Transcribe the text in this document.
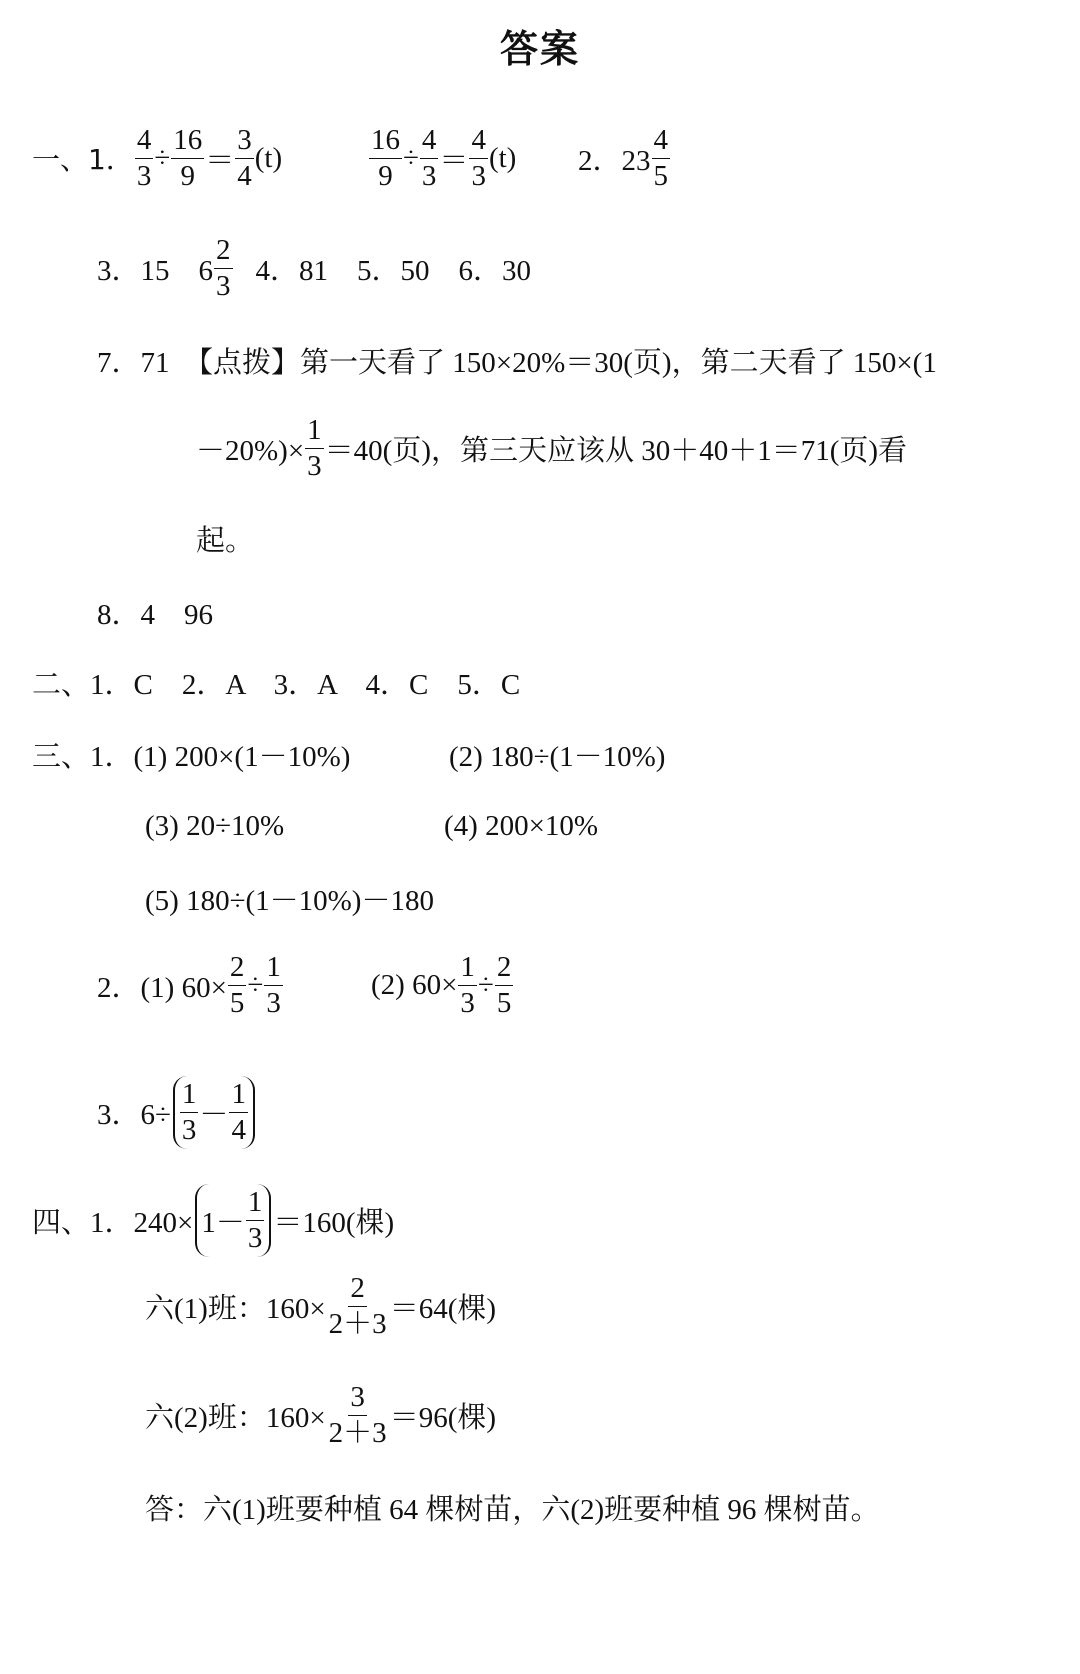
答案
一、1． $\frac{4}{3} \div \frac{16}{9} = \frac{3}{4} (t)$	$\frac{16}{9} \div \frac{4}{3} = \frac{4}{3} (t)$ 2．$23 \frac{4}{5}$
3．15　$6 \frac{2}{3} 4$．81　5．50　6．30
7．71　【点拨】第一天看了 150×20%＝30(页)，第二天看了 150×(1
$-20\%)\times \frac{1}{3} =40$(页)，第三天应该从 30＋40＋1＝71(页)看
起。
8．4　96
二、1．C　2．A　3．A　4．C　5．C
三、1．(1) 200×(1－10%)	(2) 180÷(1－10%)
(3) 20÷10%	(4) 200×10%
(5) 180÷(1－10%)－180
2．(1) $60\times \frac{2}{5} \div \frac{1}{3}$	(2) $60\times \frac{1}{3} \div \frac{2}{5}$
3．$6\div \frac{1}{3} - \frac{1}{4}$
四、1．$240\times 1- \frac{1}{3} =160$(棵)
六(1)班：$160\times \frac{2}{2+3} =64$(棵)
六(2)班：$160\times \frac{3}{2+3} =96$(棵)
答：六(1)班要种植 64 棵树苗，六(2)班要种植 96 棵树苗。
